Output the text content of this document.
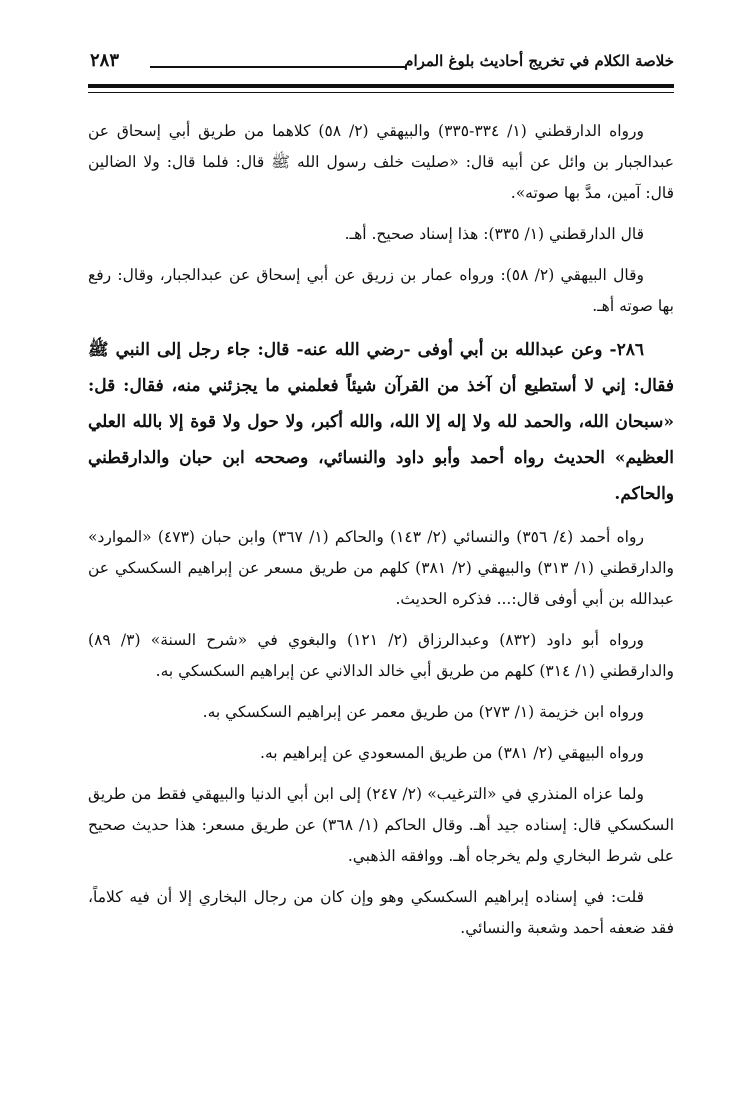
خلاصة الكلام في تخريج أحاديث بلوغ المرام
٢٨٣

ورواه الدارقطني (١/ ٣٣٤-٣٣٥) والبيهقي (٢/ ٥٨) كلاهما من طريق أبي إسحاق عن عبدالجبار بن وائل عن أبيه قال: «صليت خلف رسول الله ﷺ قال: فلما قال: ولا الضالين قال: آمين، مدَّ بها صوته».

قال الدارقطني (١/ ٣٣٥): هذا إسناد صحيح. أهـ.

وقال البيهقي (٢/ ٥٨): ورواه عمار بن زريق عن أبي إسحاق عن عبدالجبار، وقال: رفع بها صوته أهـ.

٢٨٦- وعن عبدالله بن أبي أوفى -رضي الله عنه- قال: جاء رجل إلى النبي ﷺ فقال: إني لا أستطيع أن آخذ من القرآن شيئاً فعلمني ما يجزئني منه، فقال: قل: «سبحان الله، والحمد لله ولا إله إلا الله، والله أكبر، ولا حول ولا قوة إلا بالله العلي العظيم» الحديث رواه أحمد وأبو داود والنسائي، وصححه ابن حبان والدارقطني والحاكم.

رواه أحمد (٤/ ٣٥٦) والنسائي (٢/ ١٤٣) والحاكم (١/ ٣٦٧) وابن حبان (٤٧٣) «الموارد» والدارقطني (١/ ٣١٣) والبيهقي (٢/ ٣٨١) كلهم من طريق مسعر عن إبراهيم السكسكي عن عبدالله بن أبي أوفى قال:... فذكره الحديث.

ورواه أبو داود (٨٣٢) وعبدالرزاق (٢/ ١٢١) والبغوي في «شرح السنة» (٣/ ٨٩) والدارقطني (١/ ٣١٤) كلهم من طريق أبي خالد الدالاني عن إبراهيم السكسكي به.

ورواه ابن خزيمة (١/ ٢٧٣) من طريق معمر عن إبراهيم السكسكي به.

ورواه البيهقي (٢/ ٣٨١) من طريق المسعودي عن إبراهيم به.

ولما عزاه المنذري في «الترغيب» (٢/ ٢٤٧) إلى ابن أبي الدنيا والبيهقي فقط من طريق السكسكي قال: إسناده جيد أهـ. وقال الحاكم (١/ ٣٦٨) عن طريق مسعر: هذا حديث صحيح على شرط البخاري ولم يخرجاه أهـ. ووافقه الذهبي.

قلت: في إسناده إبراهيم السكسكي وهو وإن كان من رجال البخاري إلا أن فيه كلاماً، فقد ضعفه أحمد وشعبة والنسائي.
